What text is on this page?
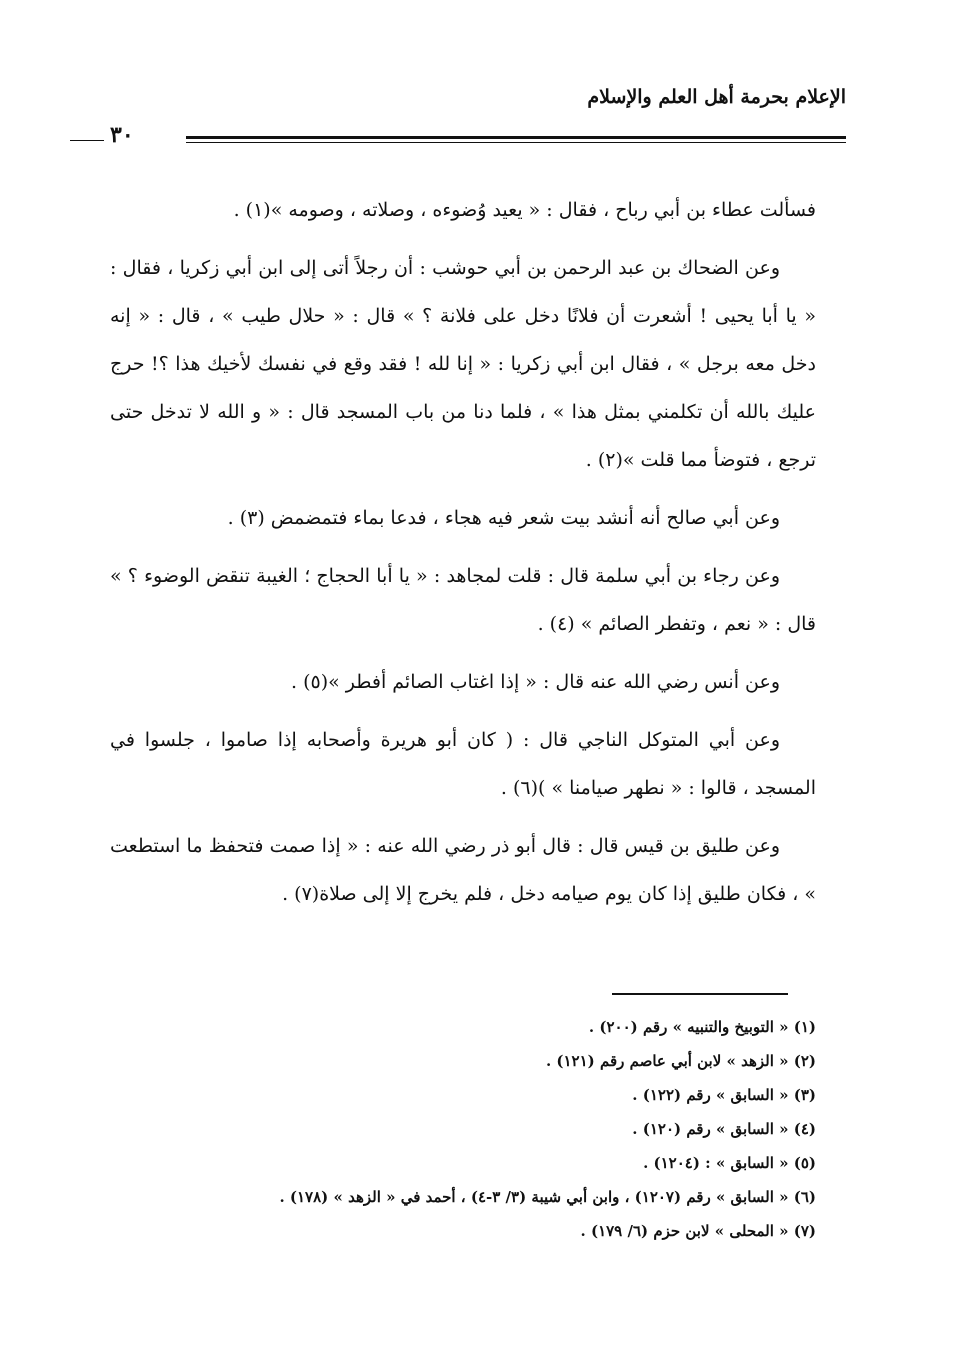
الإعلام بحرمة أهل العلم والإسلام
٣٠

فسألت عطاء بن أبي رباح ، فقال : « يعيد وُضوءه ، وصلاته ، وصومه »(١) .

وعن الضحاك بن عبد الرحمن بن أبي حوشب : أن رجلاً أتى إلى ابن أبي زكريا ، فقال : « يا أبا يحيى ! أشعرت أن فلانًا دخل على فلانة ؟ » قال : « حلال طيب » ، قال : « إنه دخل معه برجل » ، فقال ابن أبي زكريا : « إنا لله ! فقد وقع في نفسك لأخيك هذا ؟! حرج عليك بالله أن تكلمني بمثل هذا » ، فلما دنا من باب المسجد قال : « و الله لا تدخل حتى ترجع ، فتوضأ مما قلت »(٢) .

وعن أبي صالح أنه أنشد بيت شعر فيه هجاء ، فدعا بماء فتمضمض (٣) .

وعن رجاء بن أبي سلمة قال : قلت لمجاهد : « يا أبا الحجاج ؛ الغيبة تنقض الوضوء ؟ » قال : « نعم ، وتفطر الصائم » (٤) .

وعن أنس رضي الله عنه قال : « إذا اغتاب الصائم أفطر »(٥) .

وعن أبي المتوكل الناجي قال : ( كان أبو هريرة وأصحابه إذا صاموا ، جلسوا في المسجد ، قالوا : « نطهر صيامنا » )(٦) .

وعن طليق بن قيس قال : قال أبو ذر رضي الله عنه : « إذا صمت فتحفظ ما استطعت » ، فكان طليق إذا كان يوم صيامه دخل ، فلم يخرج إلا إلى صلاة(٧) .

(١) « التوبيخ والتنبيه » رقم (٢٠٠) .
(٢) « الزهد » لابن أبي عاصم رقم (١٢١) .
(٣) « السابق » رقم (١٢٢) .
(٤) « السابق » رقم (١٢٠) .
(٥) « السابق » : (١٢٠٤) .
(٦) « السابق » رقم (١٢٠٧) ، وابن أبي شيبة (٣/ ٣-٤) ، أحمد في « الزهد » (١٧٨) .
(٧) « المحلى » لابن حزم (٦/ ١٧٩) .
